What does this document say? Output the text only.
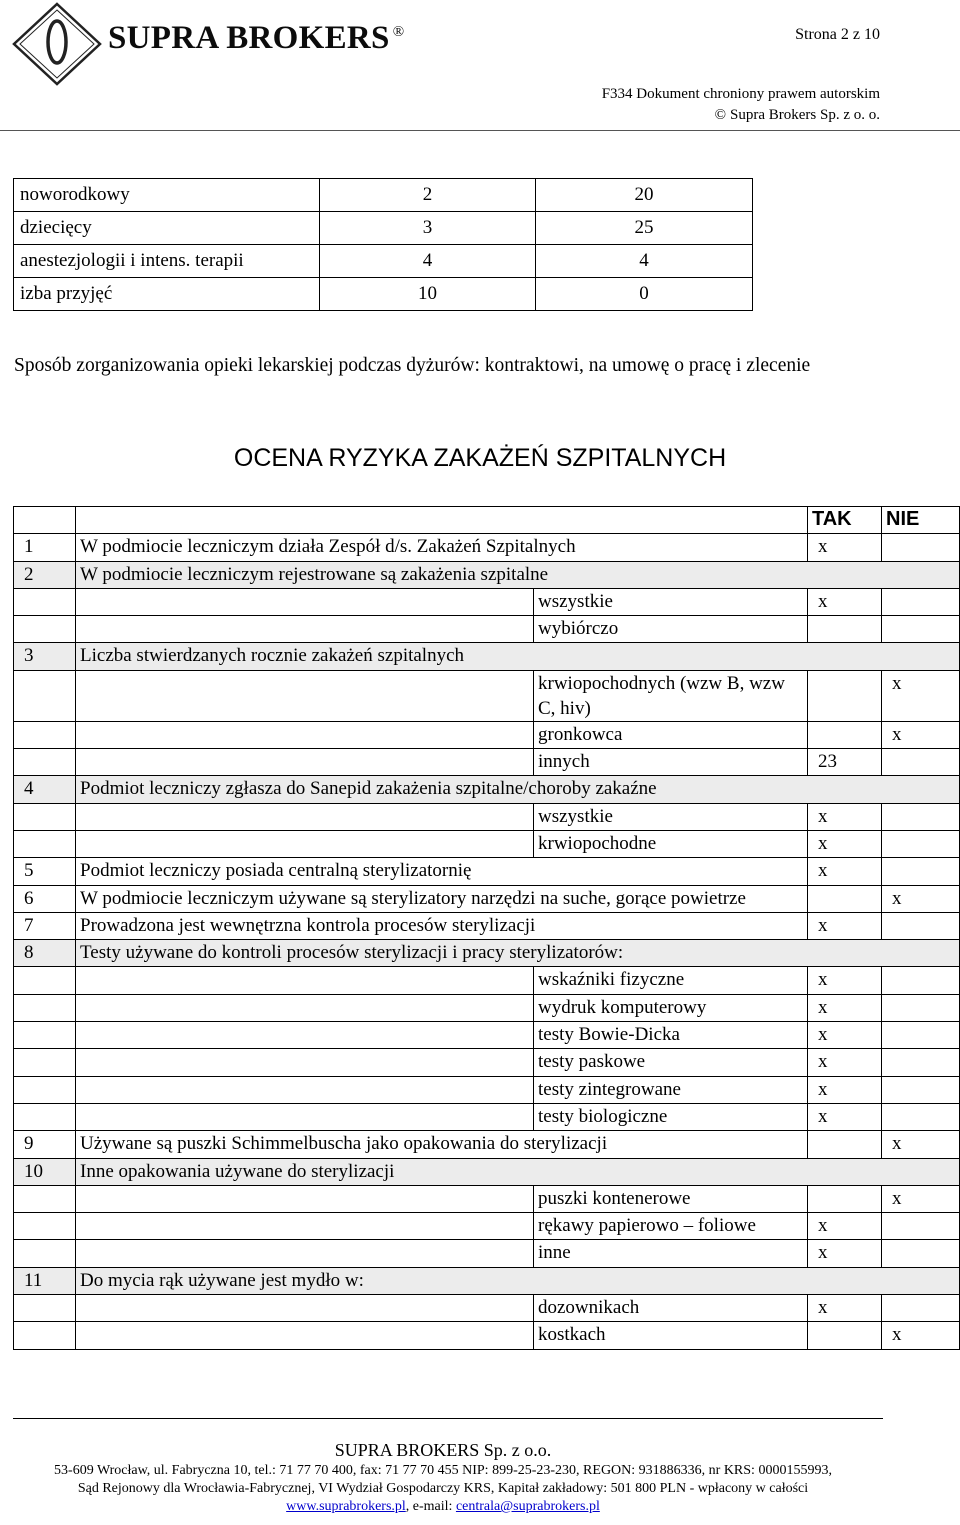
SUPRA BROKERS ®	Strona 2 z 10
F334 Dokument chroniony prawem autorskim
© Supra Brokers Sp. z o. o.
noworodkowy	2	20
dziecięcy	3	25
anestezjologii i intens. terapii	4	4
izba przyjęć	10	0
Sposób zorganizowania opieki lekarskiej podczas dyżurów: kontraktowi, na umowę o pracę i zlecenie
OCENA RYZYKA ZAKAŻEŃ SZPITALNYCH
			TAK	NIE
1	W podmiocie leczniczym działa Zespół d/s. Zakażeń Szpitalnych		x	
2	W podmiocie leczniczym rejestrowane są zakażenia szpitalne			
		wszystkie	x	
		wybiórczo		
3	Liczba stwierdzanych rocznie zakażeń szpitalnych			
		krwiopochodnych (wzw B, wzw C, hiv)		x
		gronkowca		x
		innych	23	
4	Podmiot leczniczy zgłasza do Sanepid zakażenia szpitalne/choroby zakaźne			
		wszystkie	x	
		krwiopochodne	x	
5	Podmiot leczniczy posiada centralną sterylizatornię		x	
6	W podmiocie leczniczym używane są sterylizatory narzędzi na suche, gorące powietrze			x
7	Prowadzona jest wewnętrzna kontrola procesów sterylizacji		x	
8	Testy używane do kontroli procesów sterylizacji i pracy sterylizatorów:			
		wskaźniki fizyczne	x	
		wydruk komputerowy	x	
		testy Bowie-Dicka	x	
		testy paskowe	x	
		testy zintegrowane	x	
		testy biologiczne	x	
9	Używane są puszki Schimmelbuscha jako opakowania do sterylizacji			x
10	Inne opakowania używane do sterylizacji			
		puszki kontenerowe		x
		rękawy papierowo – foliowe	x	
		inne	x	
11	Do mycia rąk używane jest mydło w:			
		dozownikach	x	
		kostkach		x
SUPRA BROKERS Sp. z o.o.
53-609 Wrocław, ul. Fabryczna 10, tel.: 71 77 70 400, fax: 71 77 70 455 NIP: 899-25-23-230, REGON: 931886336, nr KRS: 0000155993,
Sąd Rejonowy dla Wrocławia-Fabrycznej, VI Wydział Gospodarczy KRS, Kapitał zakładowy: 501 800 PLN - wpłacony w całości
www.suprabrokers.pl, e-mail: centrala@suprabrokers.pl
